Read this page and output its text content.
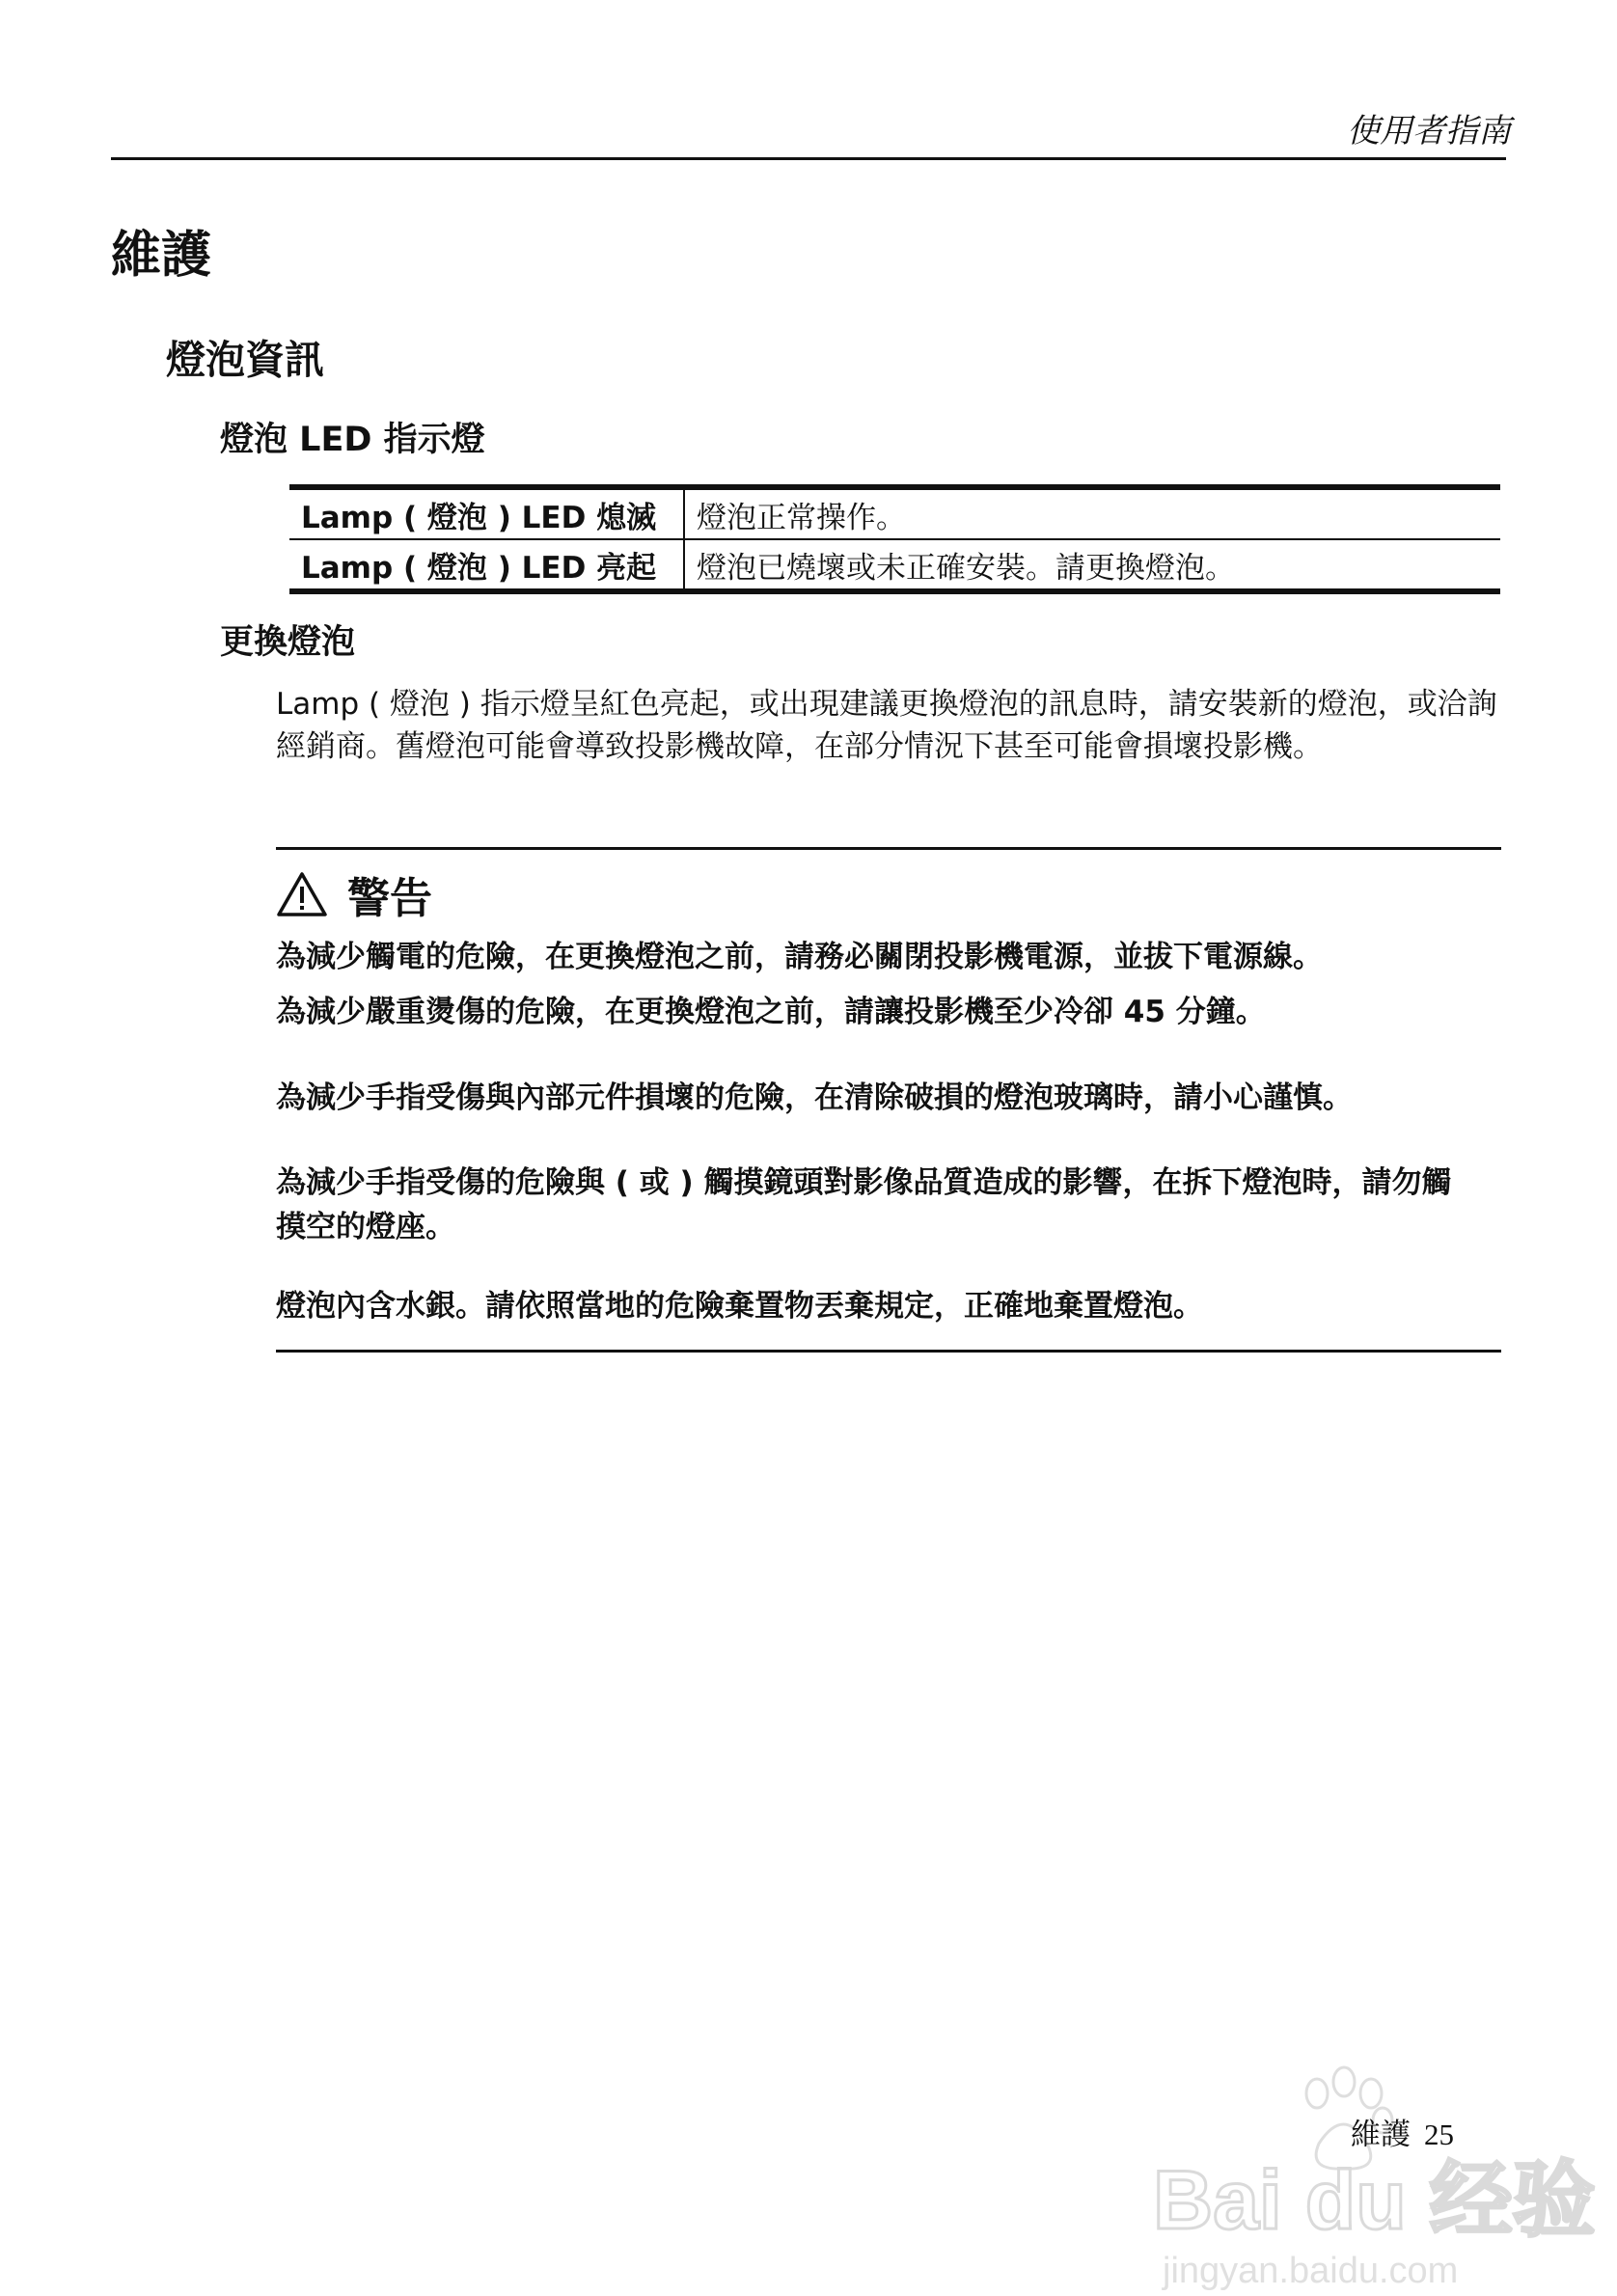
使用者指南
維護
燈泡資訊
燈泡 LED 指示燈
Lamp ( 燈泡 ) LED 熄滅	燈泡正常操作。
Lamp ( 燈泡 ) LED 亮起	燈泡已燒壞或未正確安裝。請更換燈泡。
更換燈泡

Lamp ( 燈泡 ) 指示燈呈紅色亮起，或出現建議更換燈泡的訊息時，請安裝新的燈泡，或洽詢經銷商。舊燈泡可能會導致投影機故障，在部分情況下甚至可能會損壞投影機。

警告

為減少觸電的危險，在更換燈泡之前，請務必關閉投影機電源，並拔下電源線。

為減少嚴重燙傷的危險，在更換燈泡之前，請讓投影機至少冷卻 45 分鐘。

為減少手指受傷與內部元件損壞的危險，在清除破損的燈泡玻璃時，請小心謹慎。

為減少手指受傷的危險與 ( 或 ) 觸摸鏡頭對影像品質造成的影響，在拆下燈泡時，請勿觸摸空的燈座。

燈泡內含水銀。請依照當地的危險棄置物丟棄規定，正確地棄置燈泡。

Bai du 经验
jingyan.baidu.com
維護 25
